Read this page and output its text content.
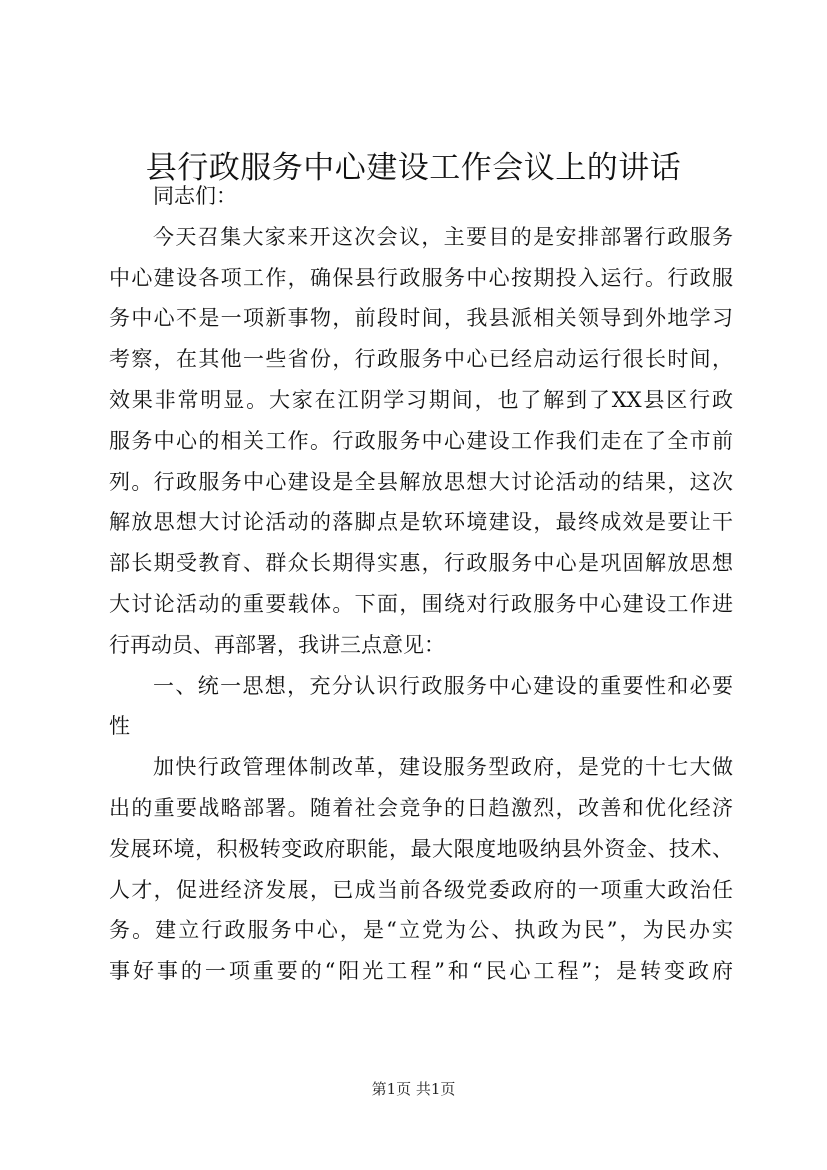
县行政服务中心建设工作会议上的讲话
同志们：
今天召集大家来开这次会议，主要目的是安排部署行政服务
中心建设各项工作，确保县行政服务中心按期投入运行。行政服
务中心不是一项新事物，前段时间，我县派相关领导到外地学习
考察，在其他一些省份，行政服务中心已经启动运行很长时间，
效果非常明显。大家在江阴学习期间，也了解到了XX县区行政
服务中心的相关工作。行政服务中心建设工作我们走在了全市前
列。行政服务中心建设是全县解放思想大讨论活动的结果，这次
解放思想大讨论活动的落脚点是软环境建设，最终成效是要让干
部长期受教育、群众长期得实惠，行政服务中心是巩固解放思想
大讨论活动的重要载体。下面，围绕对行政服务中心建设工作进
行再动员、再部署，我讲三点意见：
一、统一思想，充分认识行政服务中心建设的重要性和必要
性
加快行政管理体制改革，建设服务型政府，是党的十七大做
出的重要战略部署。随着社会竞争的日趋激烈，改善和优化经济
发展环境，积极转变政府职能，最大限度地吸纳县外资金、技术、
人才，促进经济发展，已成当前各级党委政府的一项重大政治任
务。建立行政服务中心，是“立党为公、执政为民”，为民办实
事好事的一项重要的“阳光工程”和“民心工程”；是转变政府
第1页 共1页
